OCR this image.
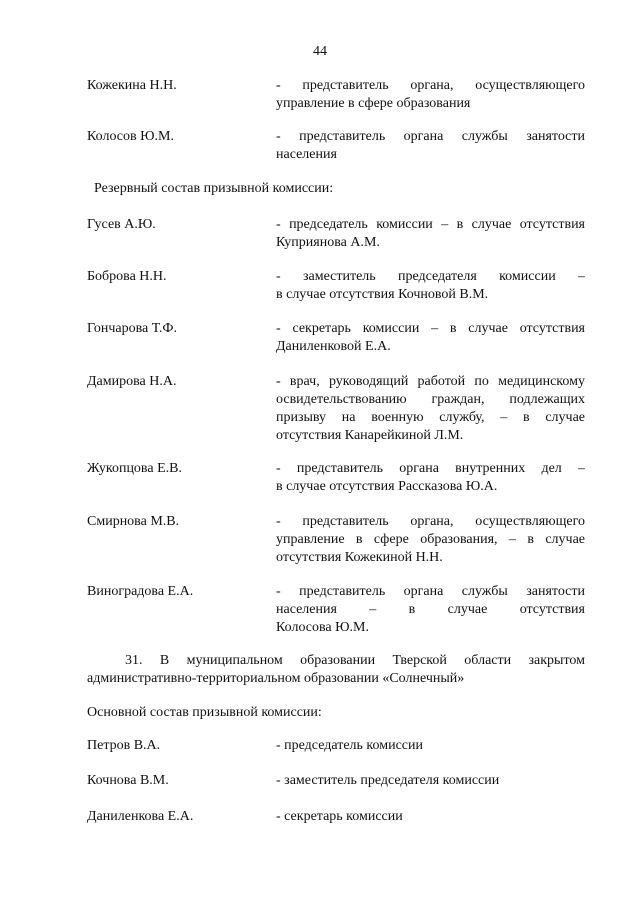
44
Кожекина Н.Н.	- представитель органа, осуществляющего
управление в сфере образования
Колосов Ю.М.	- представитель органа службы занятости
населения
Резервный состав призывной комиссии:
Гусев А.Ю.	- председатель комиссии – в случае отсутствия
Куприянова А.М.
Боброва Н.Н.	- заместитель председателя комиссии –
в случае отсутствия Кочновой В.М.
Гончарова Т.Ф.	- секретарь комиссии – в случае отсутствия
Даниленковой Е.А.
Дамирова Н.А.	- врач, руководящий работой по медицинскому
освидетельствованию граждан, подлежащих
призыву на военную службу, – в случае
отсутствия Канарейкиной Л.М.
Жукопцова Е.В.	- представитель органа внутренних дел –
в случае отсутствия Рассказова Ю.А.
Смирнова М.В.	- представитель органа, осуществляющего
управление в сфере образования, – в случае
отсутствия Кожекиной Н.Н.
Виноградова Е.А.	- представитель органа службы занятости
населения – в случае отсутствия
Колосова Ю.М.
31. В муниципальном образовании Тверской области закрытом
административно-территориальном образовании «Солнечный»
Основной состав призывной комиссии:
Петров В.А.	- председатель комиссии
Кочнова В.М.	- заместитель председателя комиссии
Даниленкова Е.А.	- секретарь комиссии
